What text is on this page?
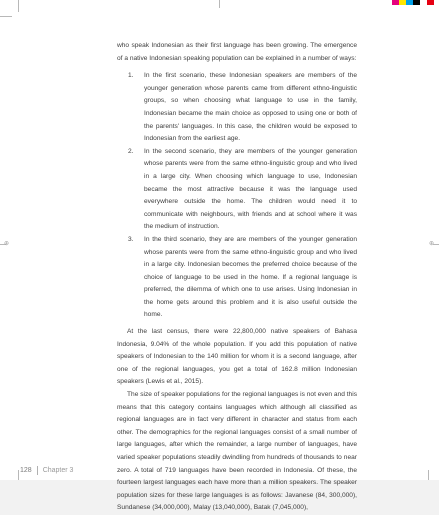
⊕	⊕

who speak Indonesian as their first language has been growing. The emergence of a native Indonesian speaking population can be explained in a number of ways:

1. In the first scenario, these Indonesian speakers are members of the younger generation whose parents came from different ethno-linguistic groups, so when choosing what language to use in the family, Indonesian became the main choice as opposed to using one or both of the parents' languages. In this case, the children would be exposed to Indonesian from the earliest age.
2. In the second scenario, they are members of the younger generation whose parents were from the same ethno-linguistic group and who lived in a large city. When choosing which language to use, Indonesian became the most attractive because it was the language used everywhere outside the home. The children would need it to communicate with neighbours, with friends and at school where it was the medium of instruction.
3. In the third scenario, they are are members of the younger generation whose parents were from the same ethno-linguistic group and who lived in a large city. Indonesian becomes the preferred choice because of the choice of language to be used in the home. If a regional language is preferred, the dilemma of which one to use arises. Using Indonesian in the home gets around this problem and it is also useful outside the home.

At the last census, there were 22,800,000 native speakers of Bahasa Indonesia, 9.04% of the whole population. If you add this population of native speakers of Indonesian to the 140 million for whom it is a second language, after one of the regional languages, you get a total of 162.8 million Indonesian speakers (Lewis et al., 2015).

The size of speaker populations for the regional languages is not even and this means that this category contains languages which although all classified as regional languages are in fact very different in character and status from each other. The demographics for the regional languages consist of a small number of large languages, after which the remainder, a large number of languages, have varied speaker populations steadily dwindling from hundreds of thousands to near zero. A total of 719 languages have been recorded in Indonesia. Of these, the fourteen largest languages each have more than a million speakers. The speaker population sizes for these large languages is as follows: Javanese (84, 300,000), Sundanese (34,000,000), Malay (13,040,000), Batak (7,045,000),

128 Chapter 3
